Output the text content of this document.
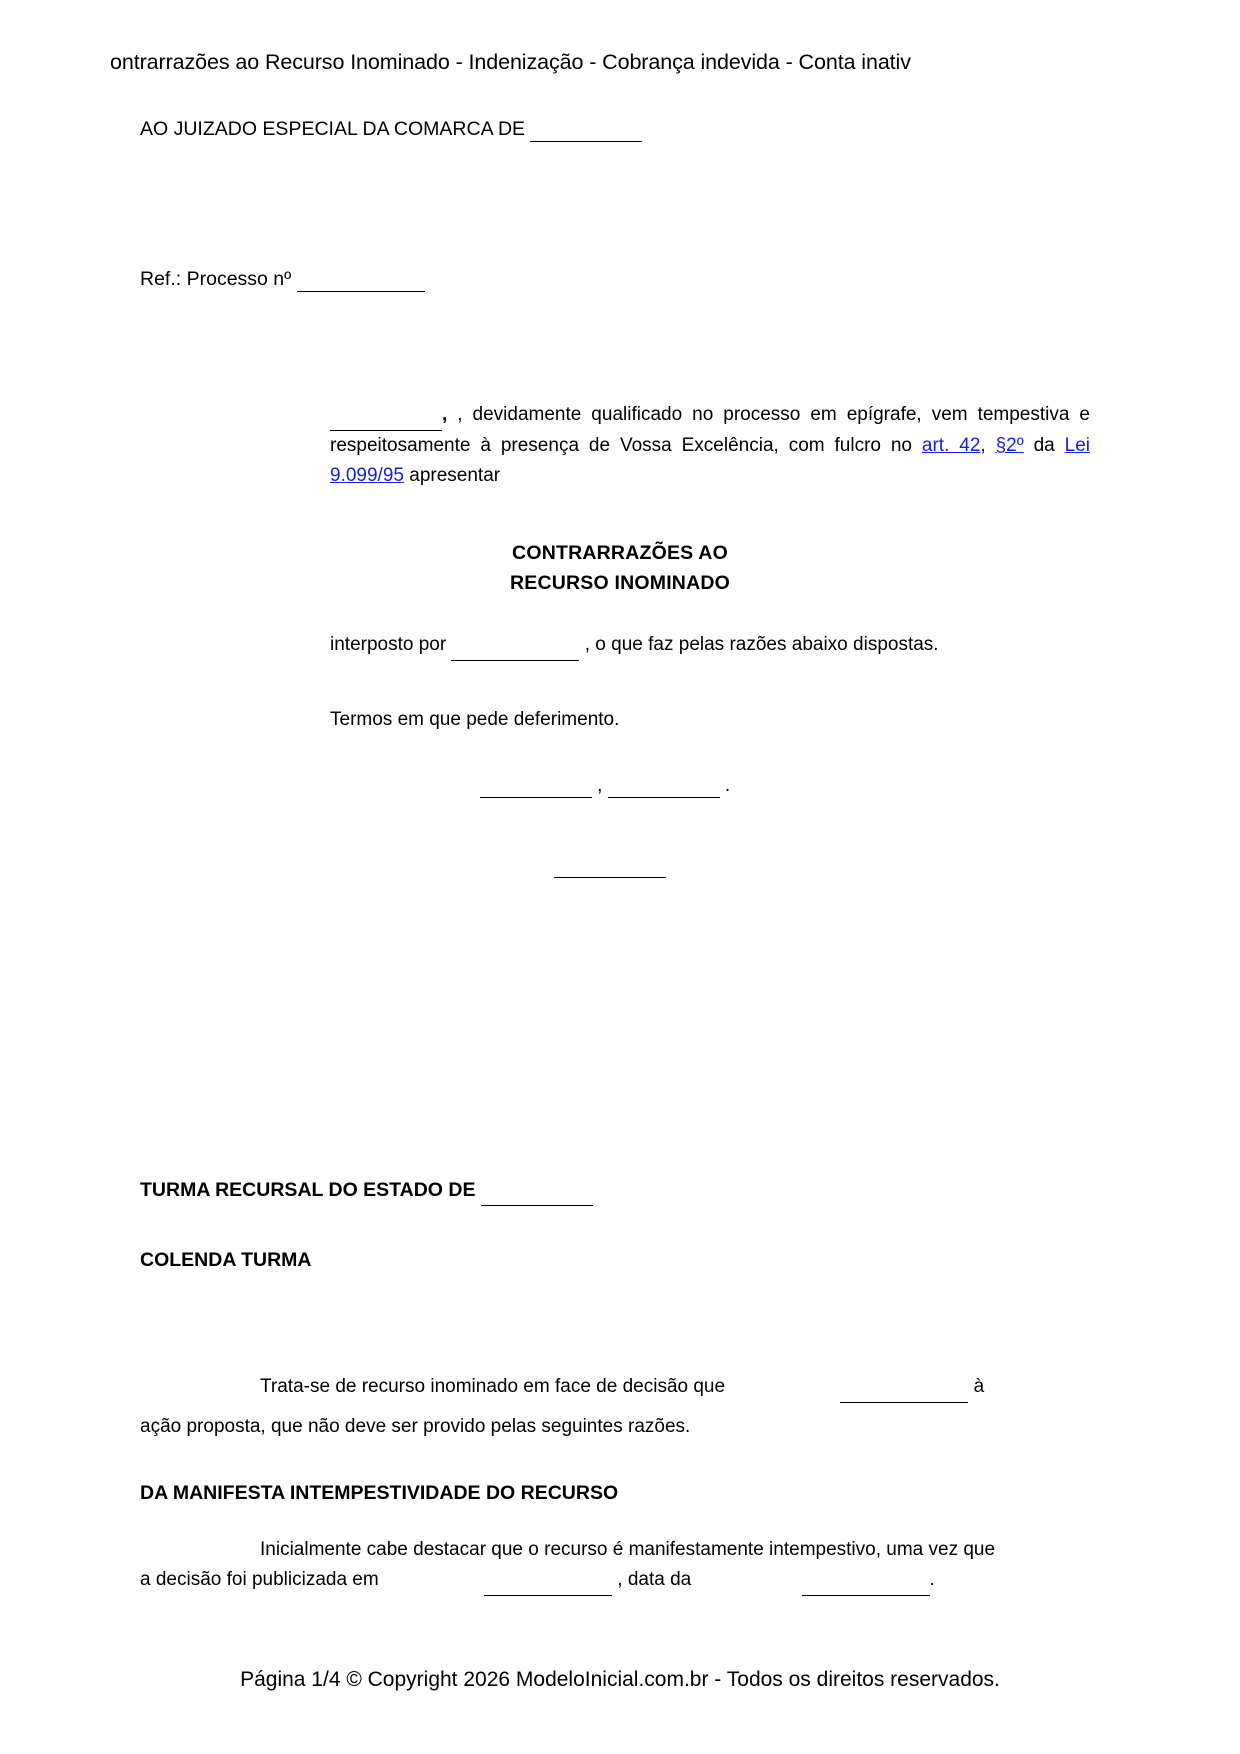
ontrarrazões ao Recurso Inominado - Indenização - Cobrança indevida - Conta inativ
AO JUIZADO ESPECIAL DA COMARCA DE
Ref.: Processo nº
, , devidamente qualificado no processo em epígrafe, vem tempestiva e respeitosamente à presença de Vossa Excelência, com fulcro no art. 42, §2º da Lei 9.099/95 apresentar
CONTRARRAZÕES AO
RECURSO INOMINADO
interposto por	, o que faz pelas razões abaixo dispostas.
Termos em que pede deferimento.
,	.

TURMA RECURSAL DO ESTADO DE
COLENDA TURMA
Trata-se de recurso inominado em face de decisão que	à
ação proposta, que não deve ser provido pelas seguintes razões.
DA MANIFESTA INTEMPESTIVIDADE DO RECURSO
Inicialmente cabe destacar que o recurso é manifestamente intempestivo, uma vez que
a decisão foi publicizada em	, data da	.
Página 1/4 © Copyright 2026 ModeloInicial.com.br - Todos os direitos reservados.
